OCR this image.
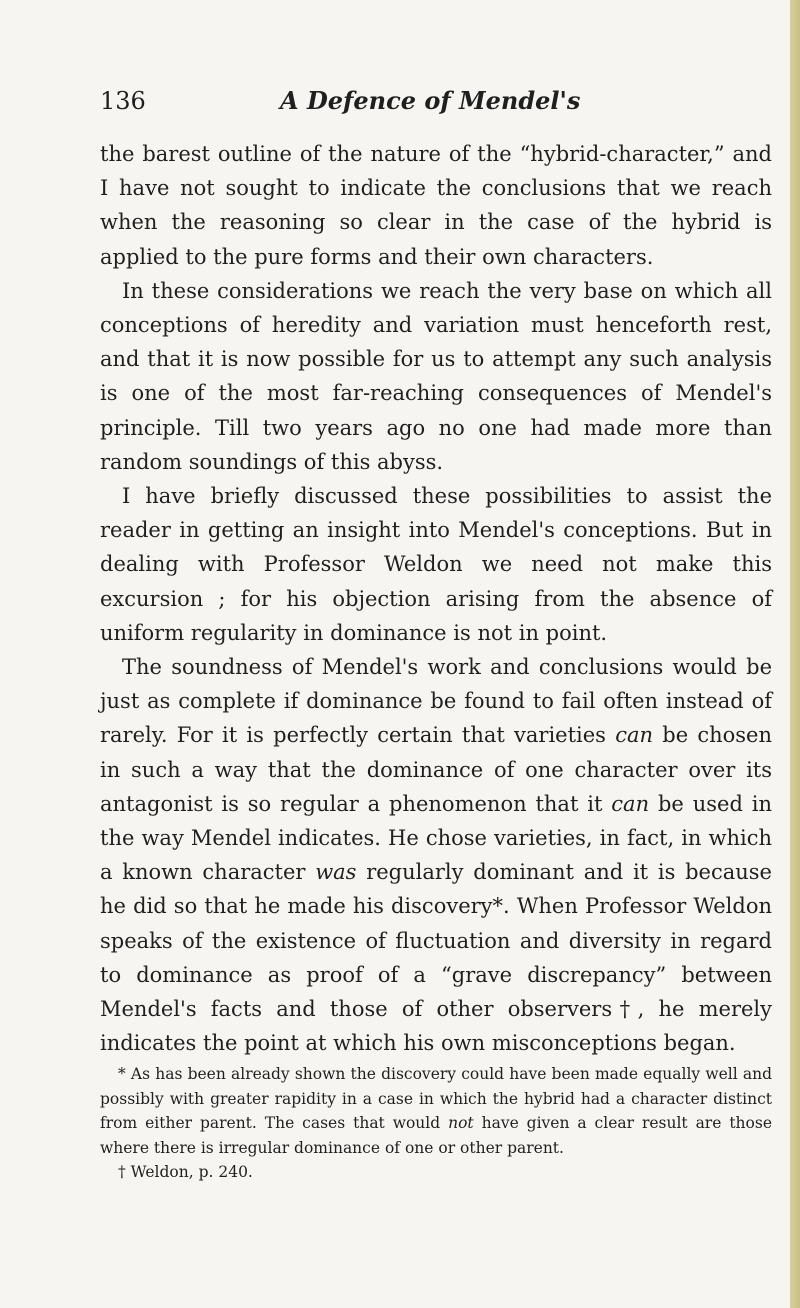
136	A Defence of Mendel's

the barest outline of the nature of the “hybrid-character,” and I have not sought to indicate the conclusions that we reach when the reasoning so clear in the case of the hybrid is applied to the pure forms and their own characters.

In these considerations we reach the very base on which all conceptions of heredity and variation must henceforth rest, and that it is now possible for us to attempt any such analysis is one of the most far-reaching consequences of Mendel's principle. Till two years ago no one had made more than random soundings of this abyss.

I have briefly discussed these possibilities to assist the reader in getting an insight into Mendel's conceptions. But in dealing with Professor Weldon we need not make this excursion ; for his objection arising from the absence of uniform regularity in dominance is not in point.

The soundness of Mendel's work and conclusions would be just as complete if dominance be found to fail often instead of rarely. For it is perfectly certain that varieties can be chosen in such a way that the dominance of one character over its antagonist is so regular a phenomenon that it can be used in the way Mendel indicates. He chose varieties, in fact, in which a known character was regularly dominant and it is because he did so that he made his discovery*. When Professor Weldon speaks of the existence of fluctuation and diversity in regard to dominance as proof of a “grave discrepancy” between Mendel's facts and those of other observers†, he merely indicates the point at which his own misconceptions began.

* As has been already shown the discovery could have been made equally well and possibly with greater rapidity in a case in which the hybrid had a character distinct from either parent. The cases that would not have given a clear result are those where there is irregular dominance of one or other parent.

† Weldon, p. 240.
